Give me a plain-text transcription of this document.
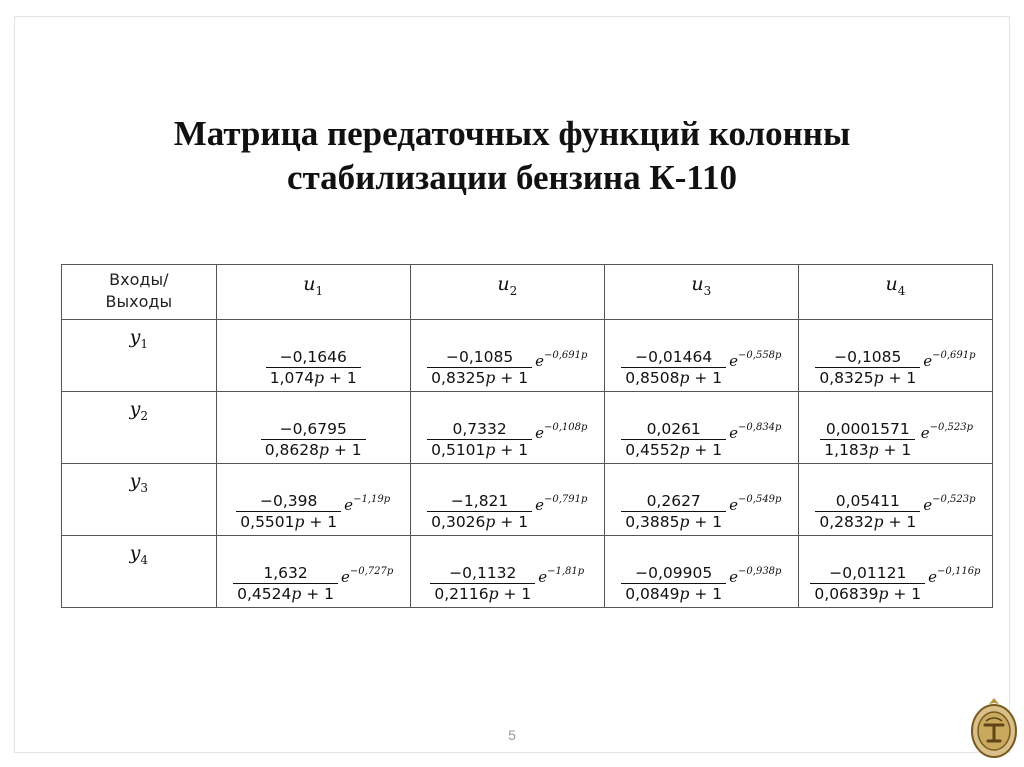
Матрица передаточных функций колонны
стабилизации бензина К-110
Входы/
Выходы	$u_1$	$u_2$	$u_3$	$u_4$

$y_1$	$\frac{-0,1646}{1,074p + 1}$	$\frac{-0,1085}{0,8325p + 1} e^{-0,691p}$	$\frac{-0,01464}{0,8508p + 1} e^{-0,558p}$	$\frac{-0,1085}{0,8325p + 1} e^{-0,691p}$

$y_2$	$\frac{-0,6795}{0,8628p + 1}$	$\frac{0,7332}{0,5101p + 1} e^{-0,108p}$	$\frac{0,0261}{0,4552p + 1} e^{-0,834p}$	$\frac{0,0001571}{1,183p + 1} e^{-0,523p}$

$y_3$	$\frac{-0,398}{0,5501p + 1} e^{-1,19p}$	$\frac{-1,821}{0,3026p + 1} e^{-0,791p}$	$\frac{0,2627}{0,3885p + 1} e^{-0,549p}$	$\frac{0,05411}{0,2832p + 1} e^{-0,523p}$

$y_4$	$\frac{1,632}{0,4524p + 1} e^{-0,727p}$	$\frac{-0,1132}{0,2116p + 1} e^{-1,81p}$	$\frac{-0,09905}{0,0849p + 1} e^{-0,938p}$	$\frac{-0,01121}{0,06839p + 1} e^{-0,116p}$
5
